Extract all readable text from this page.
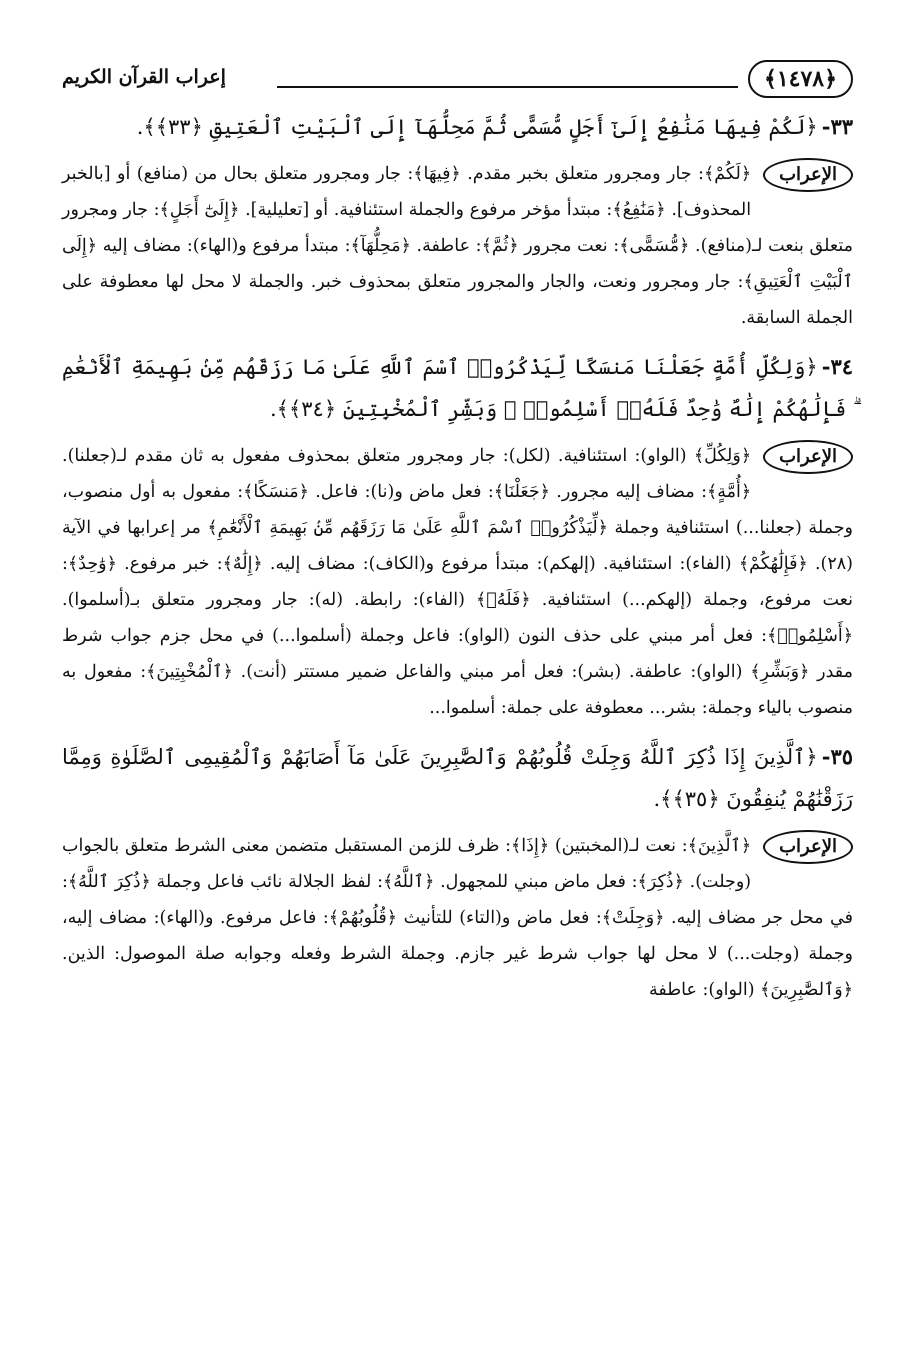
﴿١٤٧٨﴾
إعراب القرآن الكريم

٣٣-﴿لَكُمْ فِيهَا مَنَٰفِعُ إِلَىٰٓ أَجَلٍ مُّسَمًّى ثُمَّ مَحِلُّهَآ إِلَى ٱلْبَيْتِ ٱلْعَتِيقِ ﴿٣٣﴾﴾.

الإعراب
﴿لَكُمْ﴾: جار ومجرور متعلق بخبر مقدم. ﴿فِيهَا﴾: جار ومجرور متعلق بحال من (منافع) أو [بالخبر المحذوف]. ﴿مَنَٰفِعُ﴾: مبتدأ مؤخر مرفوع والجملة استئنافية. أو [تعليلية]. ﴿إِلَىٰٓ أَجَلٍ﴾: جار ومجرور متعلق بنعت لـ(منافع). ﴿مُّسَمًّى﴾: نعت مجرور ﴿ثُمَّ﴾: عاطفة. ﴿مَحِلُّهَآ﴾: مبتدأ مرفوع و(الهاء): مضاف إليه ﴿إِلَى ٱلْبَيْتِ ٱلْعَتِيقِ﴾: جار ومجرور ونعت، والجار والمجرور متعلق بمحذوف خبر. والجملة لا محل لها معطوفة على الجملة السابقة.

٣٤-﴿وَلِكُلِّ أُمَّةٍ جَعَلْنَا مَنسَكًا لِّيَذْكُرُوا۟ ٱسْمَ ٱللَّهِ عَلَىٰ مَا رَزَقَهُم مِّنۢ بَهِيمَةِ ٱلْأَنْعَٰمِ ۗ فَإِلَٰهُكُمْ إِلَٰهٌ وَٰحِدٌ فَلَهُۥٓ أَسْلِمُوا۟ ۗ وَبَشِّرِ ٱلْمُخْبِتِينَ ﴿٣٤﴾﴾.

الإعراب
﴿وَلِكُلِّ﴾ (الواو): استئنافية. (لكل): جار ومجرور متعلق بمحذوف مفعول به ثان مقدم لـ(جعلنا). ﴿أُمَّةٍ﴾: مضاف إليه مجرور. ﴿جَعَلْنَا﴾: فعل ماض و(نا): فاعل. ﴿مَنسَكًا﴾: مفعول به أول منصوب، وجملة (جعلنا...) استئنافية وجملة ﴿لِّيَذْكُرُوا۟ ٱسْمَ ٱللَّهِ عَلَىٰ مَا رَزَقَهُم مِّنۢ بَهِيمَةِ ٱلْأَنْعَٰمِ﴾ مر إعرابها في الآية (٢٨). ﴿فَإِلَٰهُكُمْ﴾ (الفاء): استئنافية. (إلهكم): مبتدأ مرفوع و(الكاف): مضاف إليه. ﴿إِلَٰهٌ﴾: خبر مرفوع. ﴿وَٰحِدٌ﴾: نعت مرفوع، وجملة (إلهكم...) استئنافية. ﴿فَلَهُۥ﴾ (الفاء): رابطة. (له): جار ومجرور متعلق بـ(أسلموا). ﴿أَسْلِمُوا۟﴾: فعل أمر مبني على حذف النون (الواو): فاعل وجملة (أسلموا...) في محل جزم جواب شرط مقدر ﴿وَبَشِّرِ﴾ (الواو): عاطفة. (بشر): فعل أمر مبني والفاعل ضمير مستتر (أنت). ﴿ٱلْمُخْبِتِينَ﴾: مفعول به منصوب بالياء وجملة: بشر... معطوفة على جملة: أسلموا...

٣٥-﴿ٱلَّذِينَ إِذَا ذُكِرَ ٱللَّهُ وَجِلَتْ قُلُوبُهُمْ وَٱلصَّٰبِرِينَ عَلَىٰ مَآ أَصَابَهُمْ وَٱلْمُقِيمِى ٱلصَّلَوٰةِ وَمِمَّا رَزَقْنَٰهُمْ يُنفِقُونَ ﴿٣٥﴾﴾.

الإعراب
﴿ٱلَّذِينَ﴾: نعت لـ(المخبتين) ﴿إِذَا﴾: ظرف للزمن المستقبل متضمن معنى الشرط متعلق بالجواب (وجلت). ﴿ذُكِرَ﴾: فعل ماض مبني للمجهول. ﴿ٱللَّهُ﴾: لفظ الجلالة نائب فاعل وجملة ﴿ذُكِرَ ٱللَّهُ﴾: في محل جر مضاف إليه. ﴿وَجِلَتْ﴾: فعل ماض و(التاء) للتأنيث ﴿قُلُوبُهُمْ﴾: فاعل مرفوع. و(الهاء): مضاف إليه، وجملة (وجلت...) لا محل لها جواب شرط غير جازم. وجملة الشرط وفعله وجوابه صلة الموصول: الذين. ﴿وَٱلصَّٰبِرِينَ﴾ (الواو): عاطفة
